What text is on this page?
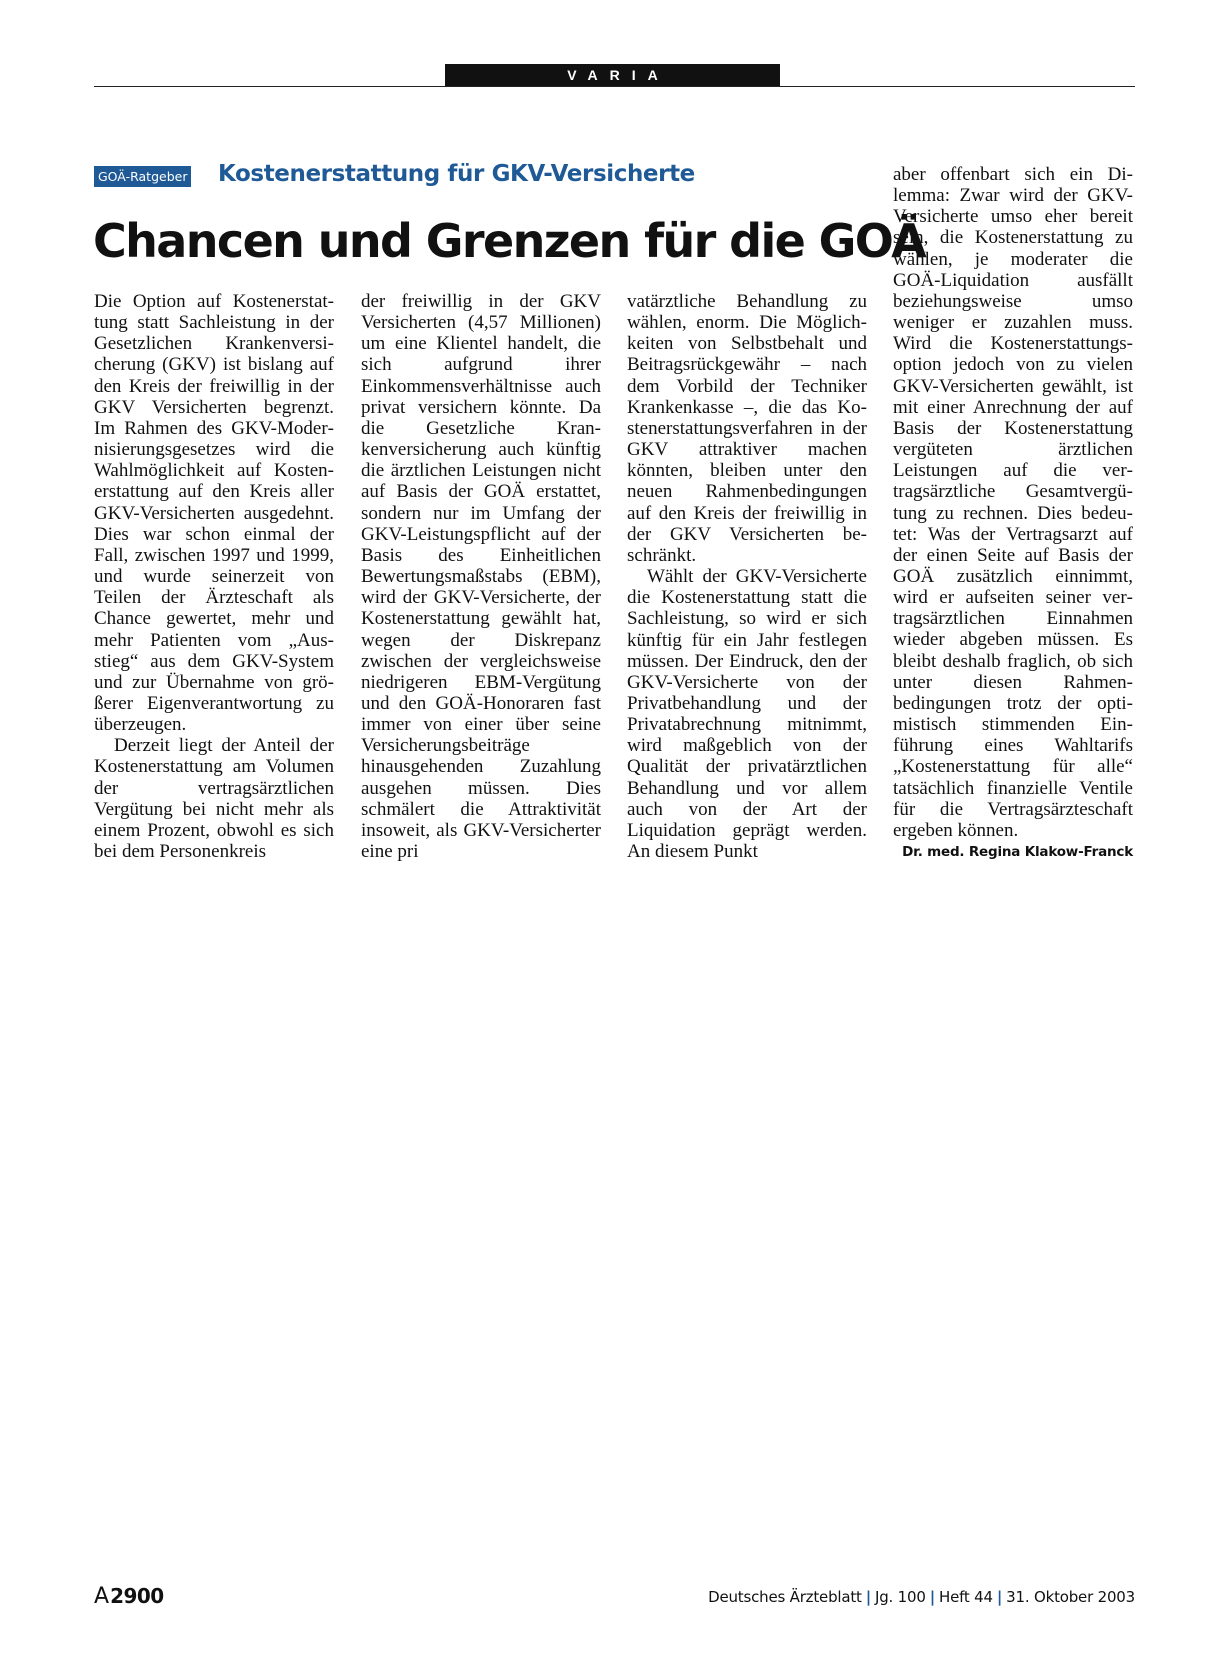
VARIA
GOÄ-Ratgeber Kostenerstattung für GKV-Versicherte
Chancen und Grenzen für die GOÄ

Die Option auf Kostenerstattung statt Sachleistung in der Gesetzlichen Krankenversicherung (GKV) ist bislang auf den Kreis der freiwillig in der GKV Versicherten begrenzt. Im Rahmen des GKV-Modernisierungsgesetzes wird die Wahlmöglichkeit auf Kostenerstattung auf den Kreis aller GKV-Versicherten ausgedehnt. Dies war schon einmal der Fall, zwischen 1997 und 1999, und wurde seinerzeit von Teilen der Ärzteschaft als Chance gewertet, mehr und mehr Patienten vom „Ausstieg“ aus dem GKV-System und zur Übernahme von größerer Eigenverantwortung zu überzeugen.

Derzeit liegt der Anteil der Kostenerstattung am Volumen der vertragsärztlichen Vergütung bei nicht mehr als einem Prozent, obwohl es sich bei dem Personenkreis

der freiwillig in der GKV Versicherten (4,57 Millionen) um eine Klientel handelt, die sich aufgrund ihrer Einkommensverhältnisse auch privat versichern könnte. Da die Gesetzliche Krankenversicherung auch künftig die ärztlichen Leistungen nicht auf Basis der GOÄ erstattet, sondern nur im Umfang der GKV-Leistungspflicht auf der Basis des Einheitlichen Bewertungsmaßstabs (EBM), wird der GKV-Versicherte, der Kostenerstattung gewählt hat, wegen der Diskrepanz zwischen der vergleichsweise niedrigeren EBM-Vergütung und den GOÄ-Honoraren fast immer von einer über seine Versicherungsbeiträge hinausgehenden Zuzahlung ausgehen müssen. Dies schmälert die Attraktivität insoweit, als GKV-Versicherter eine pri

vatärztliche Behandlung zu wählen, enorm. Die Möglichkeiten von Selbstbehalt und Beitragsrückgewähr – nach dem Vorbild der Techniker Krankenkasse –, die das Kostenerstattungsverfahren in der GKV attraktiver machen könnten, bleiben unter den neuen Rahmenbedingungen auf den Kreis der freiwillig in der GKV Versicherten beschränkt.

Wählt der GKV-Versicherte die Kostenerstattung statt die Sachleistung, so wird er sich künftig für ein Jahr festlegen müssen. Der Eindruck, den der GKV-Versicherte von der Privatbehandlung und der Privatabrechnung mitnimmt, wird maßgeblich von der Qualität der privatärztlichen Behandlung und vor allem auch von der Art der Liquidation geprägt werden. An diesem Punkt

aber offenbart sich ein Dilemma: Zwar wird der GKV-Versicherte umso eher bereit sein, die Kostenerstattung zu wählen, je moderater die GOÄ-Liquidation ausfällt beziehungsweise umso weniger er zuzahlen muss. Wird die Kostenerstattungsoption jedoch von zu vielen GKV-Versicherten gewählt, ist mit einer Anrechnung der auf Basis der Kostenerstattung vergüteten ärztlichen Leistungen auf die vertragsärztliche Gesamtvergütung zu rechnen. Dies bedeutet: Was der Vertragsarzt auf der einen Seite auf Basis der GOÄ zusätzlich einnimmt, wird er aufseiten seiner vertragsärztlichen Einnahmen wieder abgeben müssen. Es bleibt deshalb fraglich, ob sich unter diesen Rahmenbedingungen trotz der optimistisch stimmenden Einführung eines Wahltarifs „Kostenerstattung für alle“ tatsächlich finanzielle Ventile für die Vertragsärzteschaft ergeben können.

Dr. med. Regina Klakow-Franck
A 2900	Deutsches Ärzteblatt | Jg. 100 | Heft 44 | 31. Oktober 2003
